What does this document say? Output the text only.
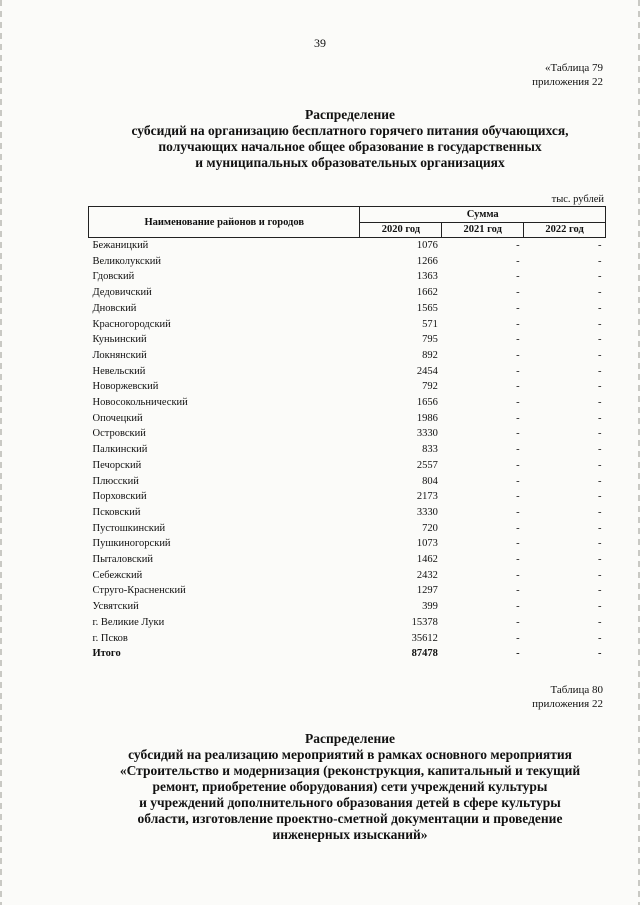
39
«Таблица 79
приложения 22
Распределение
субсидий на организацию бесплатного горячего питания обучающихся,
получающих начальное общее образование в государственных
и муниципальных образовательных организациях
тыс. рублей
Наименование районов и городов	Сумма		
	2020 год	2021 год	2022 год
Бежаницкий	1076	-	-
Великолукский	1266	-	-
Гдовский	1363	-	-
Дедовичский	1662	-	-
Дновский	1565	-	-
Красногородский	571	-	-
Куньинский	795	-	-
Локнянский	892	-	-
Невельский	2454	-	-
Новоржевский	792	-	-
Новосокольнический	1656	-	-
Опочецкий	1986	-	-
Островский	3330	-	-
Палкинский	833	-	-
Печорский	2557	-	-
Плюсский	804	-	-
Порховский	2173	-	-
Псковский	3330	-	-
Пустошкинский	720	-	-
Пушкиногорский	1073	-	-
Пыталовский	1462	-	-
Себежский	2432	-	-
Струго-Красненский	1297	-	-
Усвятский	399	-	-
г. Великие Луки	15378	-	-
г. Псков	35612	-	-
Итого	87478	-	-
Таблица 80
приложения 22
Распределение
субсидий на реализацию мероприятий в рамках основного мероприятия
«Строительство и модернизация (реконструкция, капитальный и текущий
ремонт, приобретение оборудования) сети учреждений культуры
и учреждений дополнительного образования детей в сфере культуры
области, изготовление проектно-сметной документации и проведение
инженерных изысканий»
